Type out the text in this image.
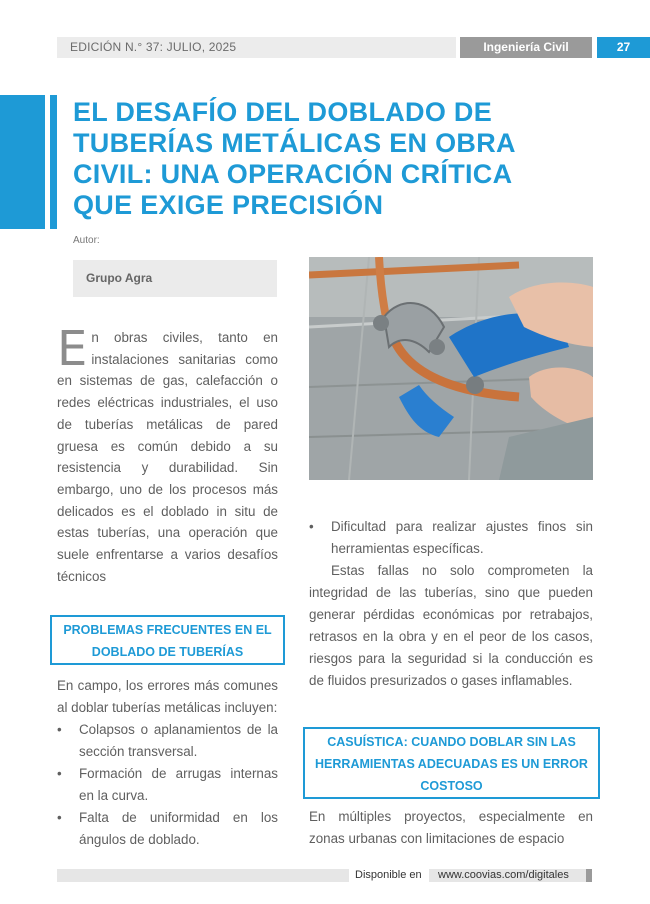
EDICIÓN N.° 37: JULIO, 2025	Ingeniería Civil	27
EL DESAFÍO DEL DOBLADO DE TUBERÍAS METÁLICAS EN OBRA CIVIL: UNA OPERACIÓN CRÍTICA QUE EXIGE PRECISIÓN
Autor:
Grupo Agra
En obras civiles, tanto en instalaciones sanitarias como en sistemas de gas, calefacción o redes eléctricas industriales, el uso de tuberías metálicas de pared gruesa es común debido a su resistencia y durabilidad. Sin embargo, uno de los procesos más delicados es el doblado in situ de estas tuberías, una operación que suele enfrentarse a varios desafíos técnicos
PROBLEMAS FRECUENTES EN EL DOBLADO DE TUBERÍAS

En campo, los errores más comunes al doblar tuberías metálicas incluyen:

• Colapsos o aplanamientos de la sección transversal.
• Formación de arrugas internas en la curva.
• Falta de uniformidad en los ángulos de doblado.
• Dificultad para realizar ajustes finos sin herramientas específicas.

Estas fallas no solo comprometen la integridad de las tuberías, sino que pueden generar pérdidas económicas por retrabajos, retrasos en la obra y en el peor de los casos, riesgos para la seguridad si la conducción es de fluidos presurizados o gases inflamables.

CASUÍSTICA: CUANDO DOBLAR SIN LAS HERRAMIENTAS ADECUADAS ES UN ERROR COSTOSO
En múltiples proyectos, especialmente en zonas urbanas con limitaciones de espacio
Disponible en	www.coovias.com/digitales
